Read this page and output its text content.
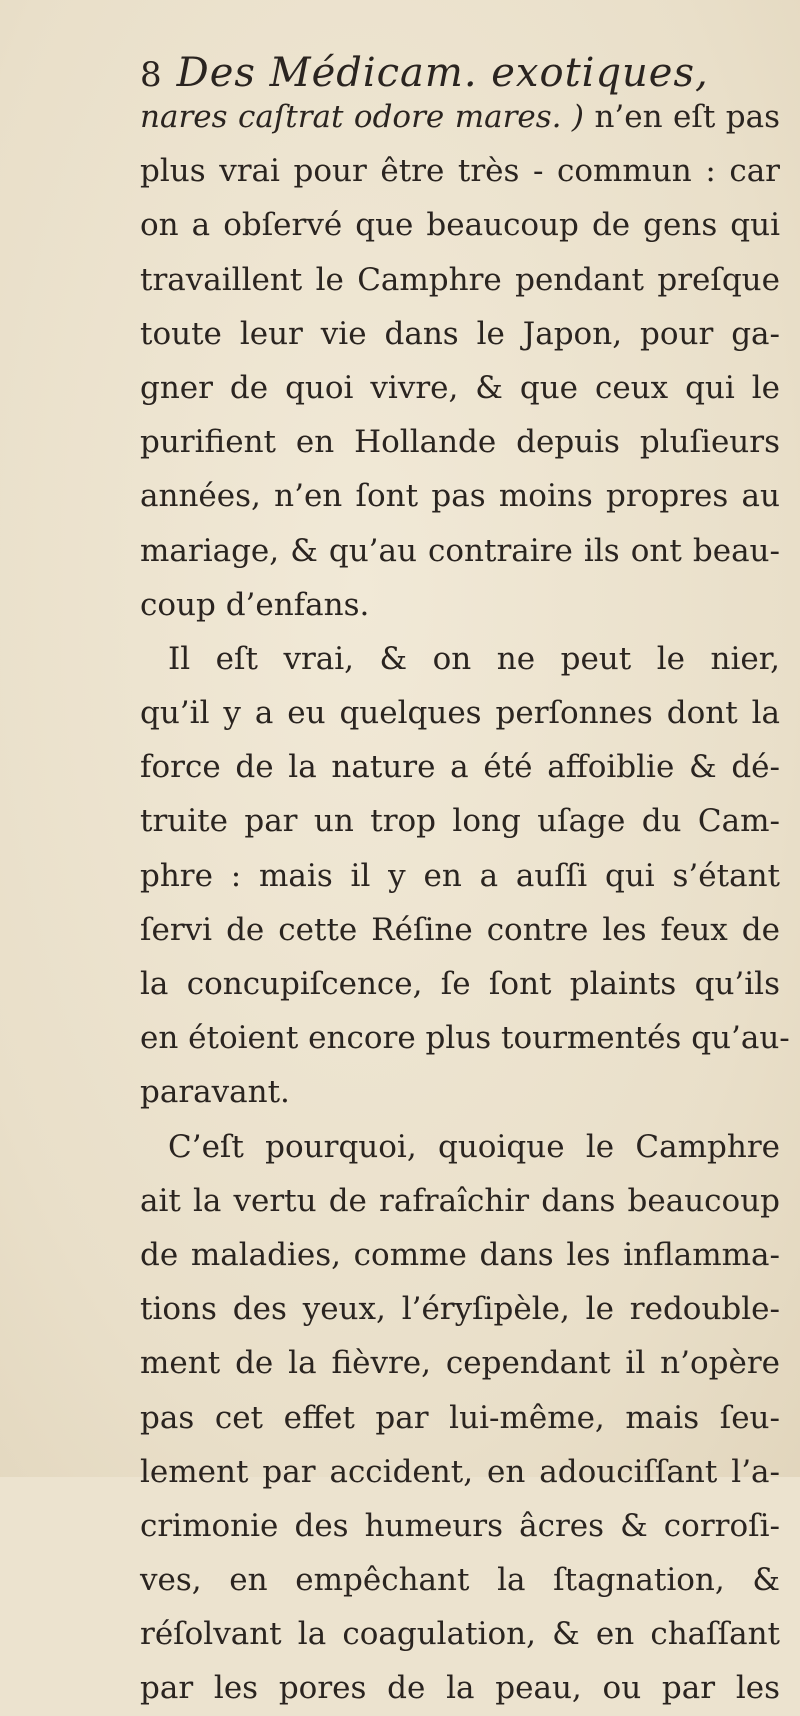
8 Des Médicam. exotiques,
nares caſtrat odore mares. ) n’en eſt pas
plus vrai pour être très - commun : car
on a obſervé que beaucoup de gens qui
travaillent le Camphre pendant preſque
toute leur vie dans le Japon, pour ga-
gner de quoi vivre, & que ceux qui le
purifient en Hollande depuis pluſieurs
années, n’en ſont pas moins propres au
mariage, & qu’au contraire ils ont beau-
coup d’enfans.
Il eſt vrai, & on ne peut le nier,
qu’il y a eu quelques perſonnes dont la
force de la nature a été affoiblie & dé-
truite par un trop long uſage du Cam-
phre : mais il y en a auſſi qui s’étant
ſervi de cette Réſine contre les feux de
la concupiſcence, ſe ſont plaints qu’ils
en étoient encore plus tourmentés qu’au-
paravant.
C’eſt pourquoi, quoique le Camphre
ait la vertu de rafraîchir dans beaucoup
de maladies, comme dans les inflamma-
tions des yeux, l’éryſipèle, le redouble-
ment de la fièvre, cependant il n’opère
pas cet effet par lui-même, mais ſeu-
lement par accident, en adouciſſant l’a-
crimonie des humeurs âcres & corroſi-
ves, en empêchant la ſtagnation, &
réſolvant la coagulation, & en chaſſant
par les pores de la peau, ou par les
